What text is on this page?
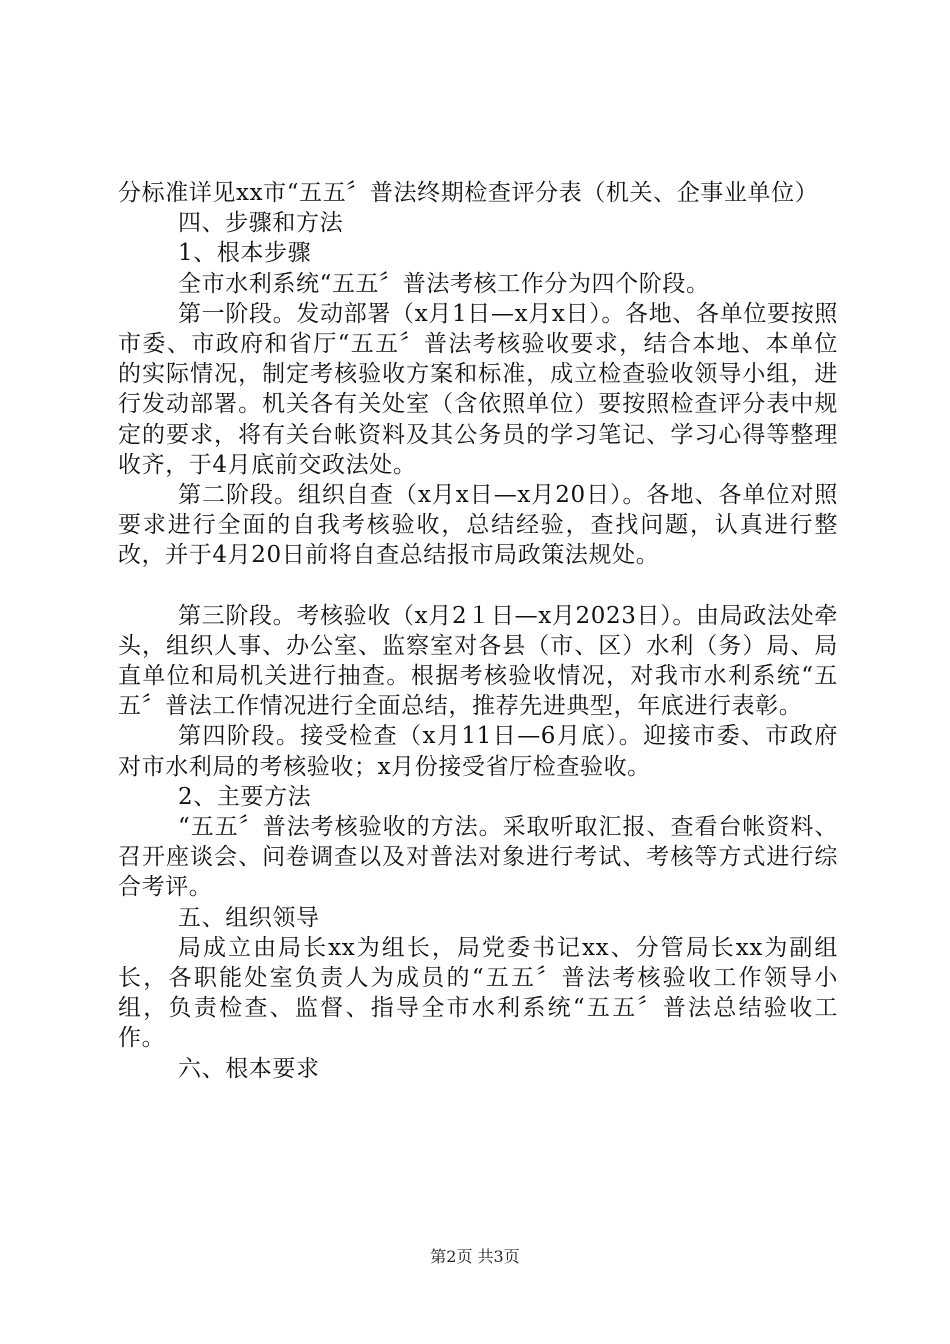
分标准详见xx市“五五〞普法终期检查评分表（机关、企事业单位）

四、步骤和方法

1、根本步骤

全市水利系统“五五〞普法考核工作分为四个阶段。

第一阶段。发动部署（x月1日—x月x日）。各地、各单位要按照市委、市政府和省厅“五五〞普法考核验收要求，结合本地、本单位的实际情况，制定考核验收方案和标准，成立检查验收领导小组，进行发动部署。机关各有关处室（含依照单位）要按照检查评分表中规定的要求，将有关台帐资料及其公务员的学习笔记、学习心得等整理收齐，于4月底前交政法处。

第二阶段。组织自查（x月x日—x月20日）。各地、各单位对照要求进行全面的自我考核验收，总结经验，查找问题，认真进行整改，并于4月20日前将自查总结报市局政策法规处。

第三阶段。考核验收（x月2１日—x月2023日）。由局政法处牵头，组织人事、办公室、监察室对各县（市、区）水利（务）局、局直单位和局机关进行抽查。根据考核验收情况，对我市水利系统“五五〞普法工作情况进行全面总结，推荐先进典型，年底进行表彰。

第四阶段。接受检查（x月11日—6月底）。迎接市委、市政府对市水利局的考核验收；x月份接受省厅检查验收。

2、主要方法

“五五〞普法考核验收的方法。采取听取汇报、查看台帐资料、召开座谈会、问卷调查以及对普法对象进行考试、考核等方式进行综合考评。

五、组织领导

局成立由局长xx为组长，局党委书记xx、分管局长xx为副组长，各职能处室负责人为成员的“五五〞普法考核验收工作领导小组，负责检查、监督、指导全市水利系统“五五〞普法总结验收工作。

六、根本要求

第2页 共3页
